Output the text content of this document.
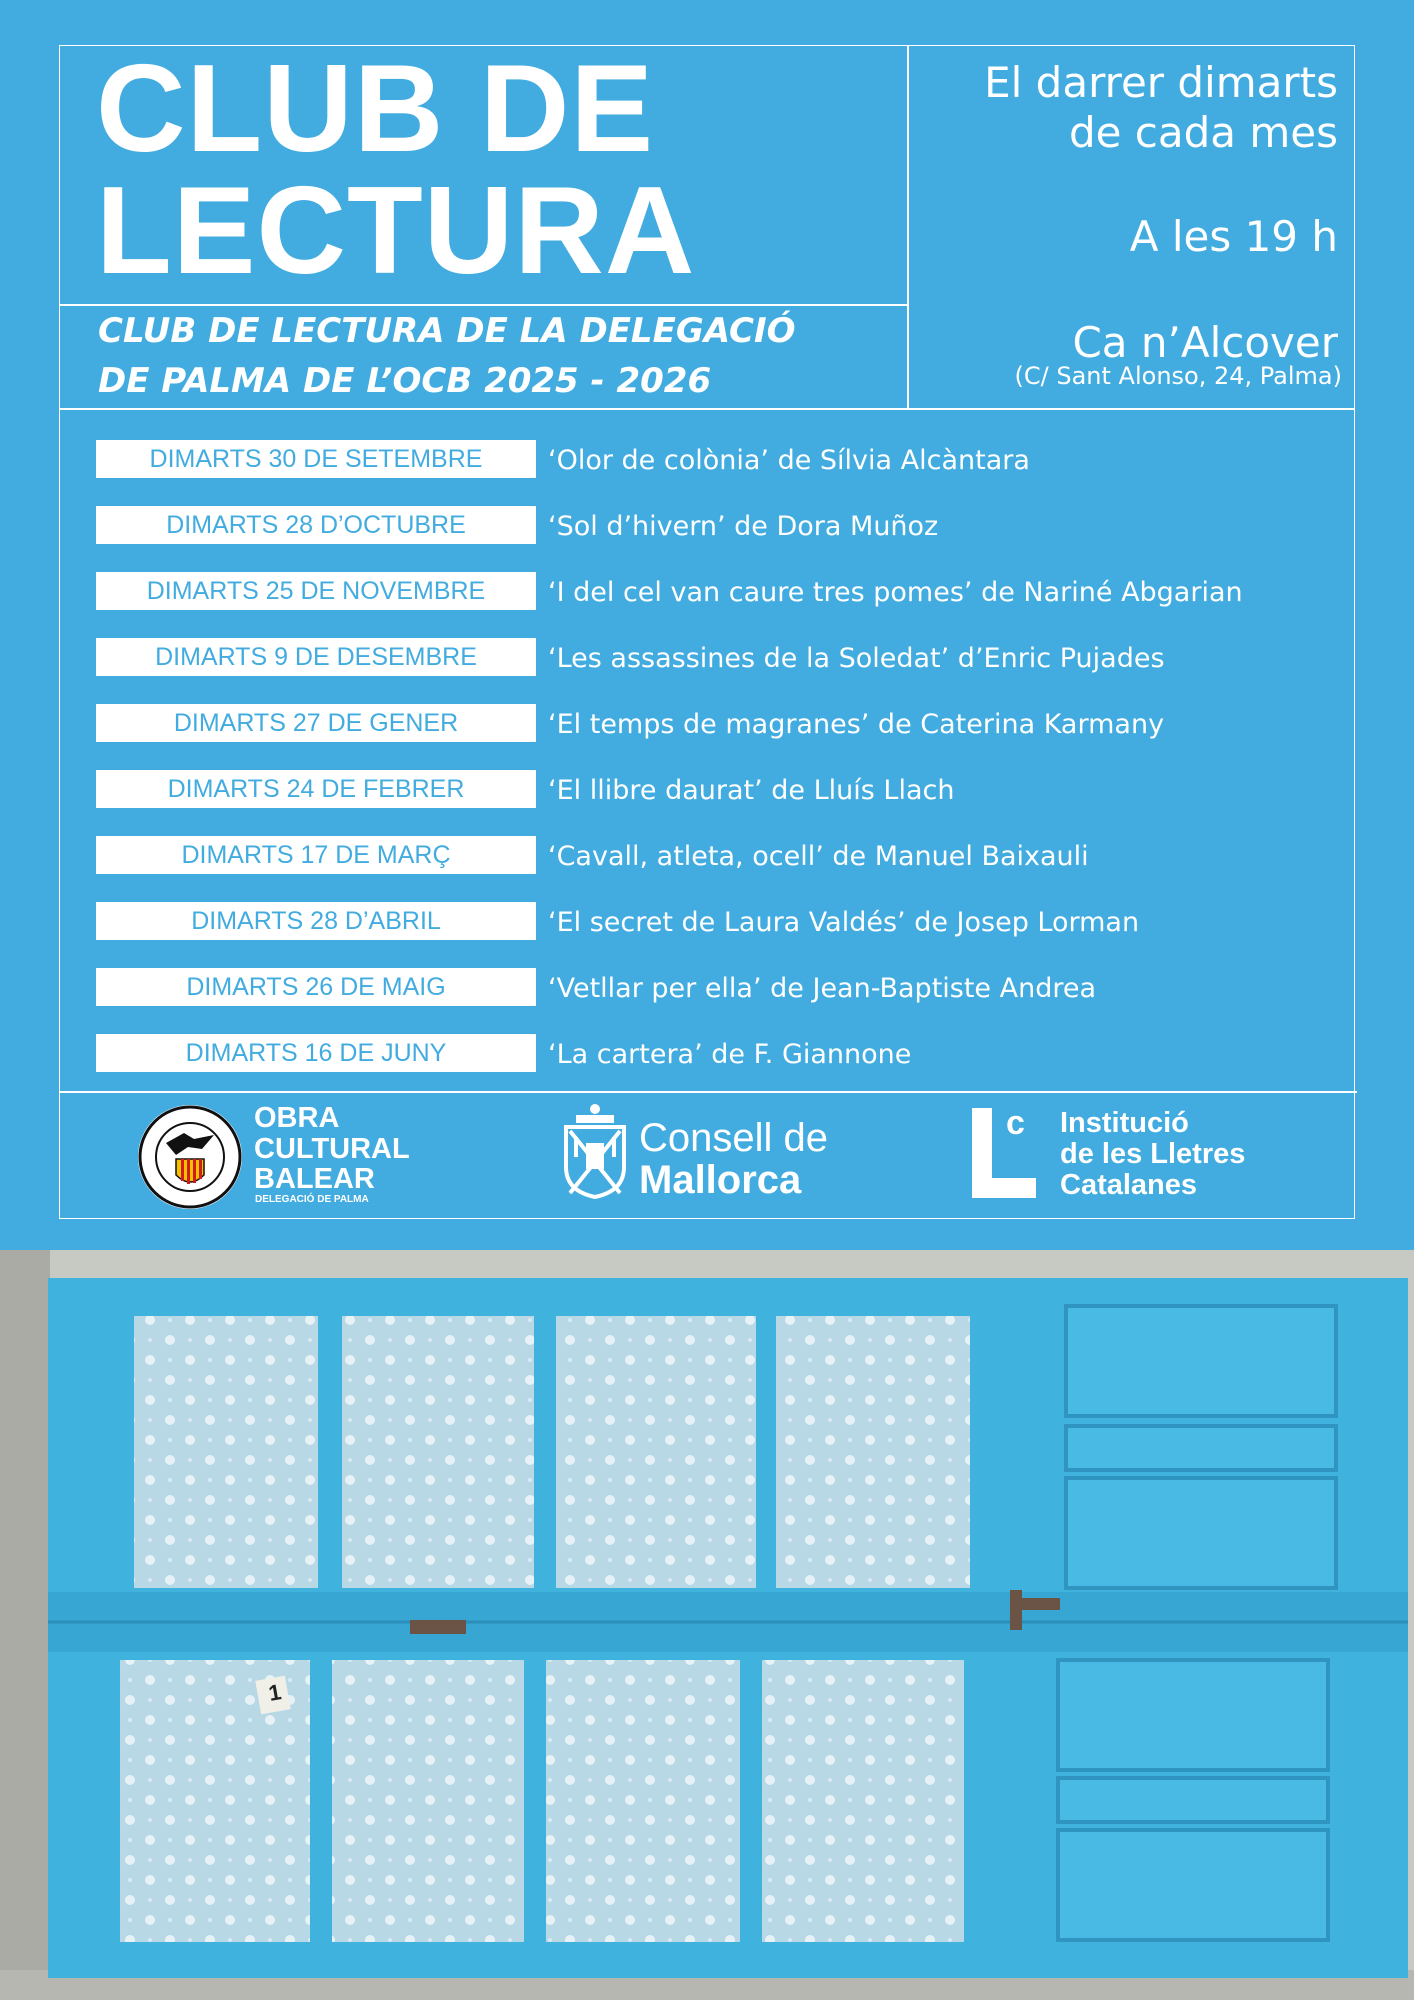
CLUB DE
LECTURA
CLUB DE LECTURA DE LA DELEGACIÓ
DE PALMA DE L’OCB 2025 - 2026
El darrer dimarts
de cada mes
A les 19 h
Ca n’Alcover
(C/ Sant Alonso, 24, Palma)
DIMARTS 30 DE SETEMBRE	‘Olor de colònia’ de Sílvia Alcàntara
DIMARTS 28 D’OCTUBRE	‘Sol d’hivern’ de Dora Muñoz
DIMARTS 25 DE NOVEMBRE	‘I del cel van caure tres pomes’ de Nariné Abgarian
DIMARTS 9 DE DESEMBRE	‘Les assassines de la Soledat’ d’Enric Pujades
DIMARTS 27 DE GENER	‘El temps de magranes’ de Caterina Karmany
DIMARTS 24 DE FEBRER	‘El llibre daurat’ de Lluís Llach
DIMARTS 17 DE MARÇ	‘Cavall, atleta, ocell’ de Manuel Baixauli
DIMARTS 28 D’ABRIL	‘El secret de Laura Valdés’ de Josep Lorman
DIMARTS 26 DE MAIG	‘Vetllar per ella’ de Jean-Baptiste Andrea
DIMARTS 16 DE JUNY	‘La cartera’ de F. Giannone
OBRA
CULTURAL
BALEAR
DELEGACIÓ DE PALMA
Consell de
Mallorca
c	Institució
de les Lletres
Catalanes
1
